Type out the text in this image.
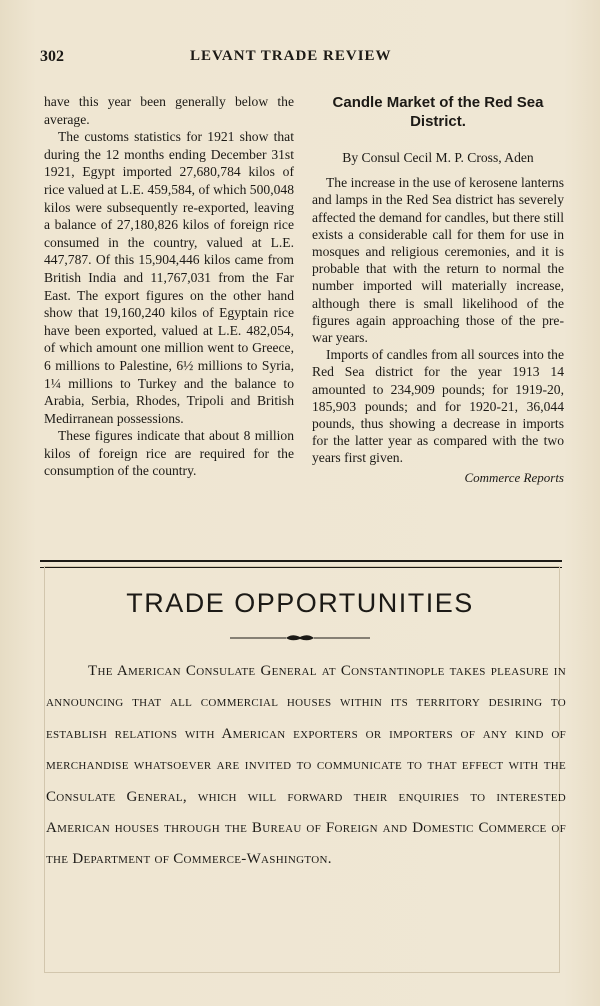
302	LEVANT TRADE REVIEW

have this year been generally below the average.

The customs statistics for 1921 show that during the 12 months ending December 31st 1921, Egypt imported 27,680,784 kilos of rice valued at L.E. 459,584, of which 500,048 kilos were subsequently re-exported, leaving a balance of 27,180,826 kilos of foreign rice consumed in the country, valued at L.E. 447,787. Of this 15,904,446 kilos came from British India and 11,767,031 from the Far East. The export figures on the other hand show that 19,160,240 kilos of Egyptain rice have been exported, valued at L.E. 482,054, of which amount one million went to Greece, 6 millions to Palestine, 6½ millions to Syria, 1¼ millions to Turkey and the balance to Arabia, Serbia, Rhodes, Tripoli and British Medirranean possessions.

These figures indicate that about 8 million kilos of foreign rice are required for the consumption of the country.

Candle Market of the Red Sea District.
By Consul Cecil M. P. Cross, Aden

The increase in the use of kerosene lanterns and lamps in the Red Sea district has severely affected the demand for candles, but there still exists a considerable call for them for use in mosques and religious ceremonies, and it is probable that with the return to normal the number imported will materially increase, although there is small likelihood of the figures again approaching those of the pre-war years.

Imports of candles from all sources into the Red Sea district for the year 1913 14 amounted to 234,909 pounds; for 1919-20, 185,903 pounds; and for 1920-21, 36,044 pounds, thus showing a decrease in imports for the latter year as compared with the two years first given.

Commerce Reports
TRADE OPPORTUNITIES

The American Consulate General at Constantinople takes pleasure in announcing that all commercial houses within its territory desiring to establish relations with American exporters or importers of any kind of merchandise whatsoever are invited to communicate to that effect with the Consulate General, which will forward their enquiries to interested American houses through the Bureau of Foreign and Domestic Commerce of the Department of Commerce-Washington.
